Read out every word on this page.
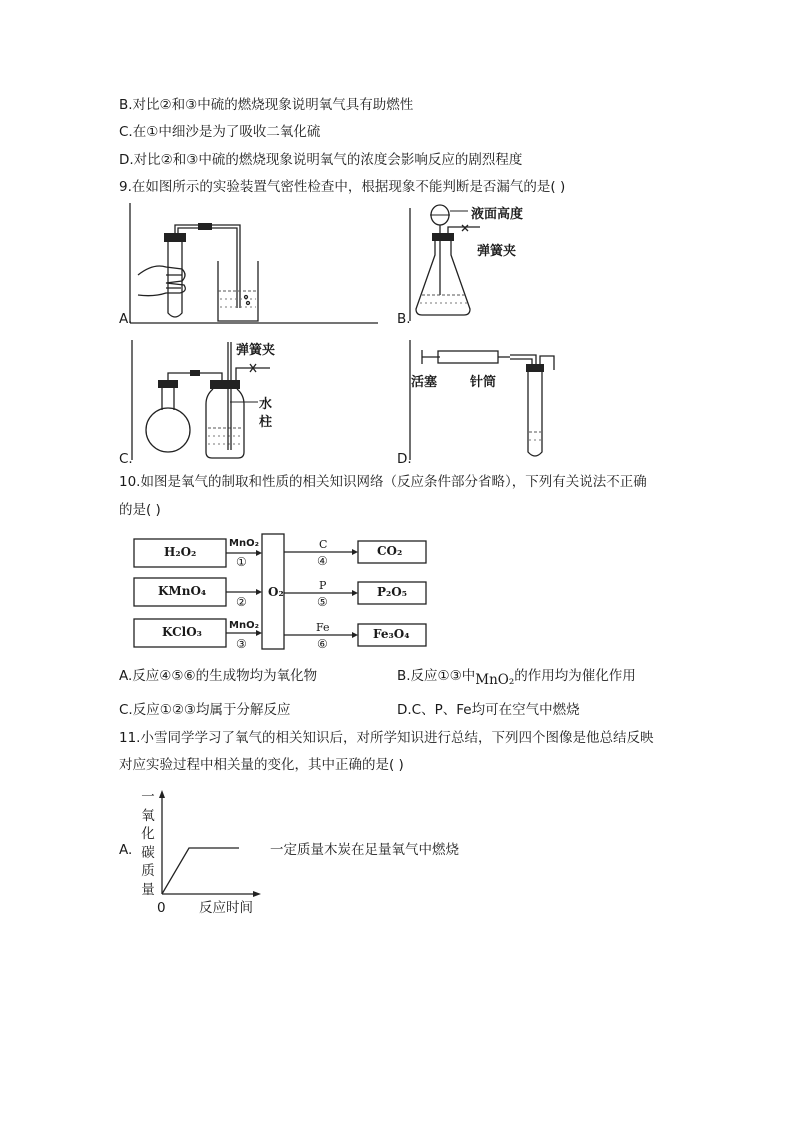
B.对比②和③中硫的燃烧现象说明氧气具有助燃性
C.在①中细沙是为了吸收二氧化硫
D.对比②和③中硫的燃烧现象说明氧气的浓度会影响反应的剧烈程度
9.在如图所示的实验装置气密性检查中，根据现象不能判断是否漏气的是( )
A.
液面高度
弹簧夹
B.
弹簧夹
水
柱
C.
活塞	针筒
D.
10.如图是氧气的制取和性质的相关知识网络（反应条件部分省略），下列有关说法不正确
的是( )
H₂O₂
KMnO₄
KClO₃
O₂
CO₂
P₂O₅
Fe₃O₄
MnO₂
①
②
MnO₂
③
C
④
P
⑤
Fe
⑥
A.反应④⑤⑥的生成物均为氧化物	B.反应①③中MnO₂的作用均为催化作用
C.反应①②③均属于分解反应	D.C、P、Fe均可在空气中燃烧
11.小雪同学学习了氧气的相关知识后，对所学知识进行总结，下列四个图像是他总结反映
对应实验过程中相关量的变化，其中正确的是( )
A.
一
氧
化
碳
质
量
0 反应时间
一定质量木炭在足量氧气中燃烧
